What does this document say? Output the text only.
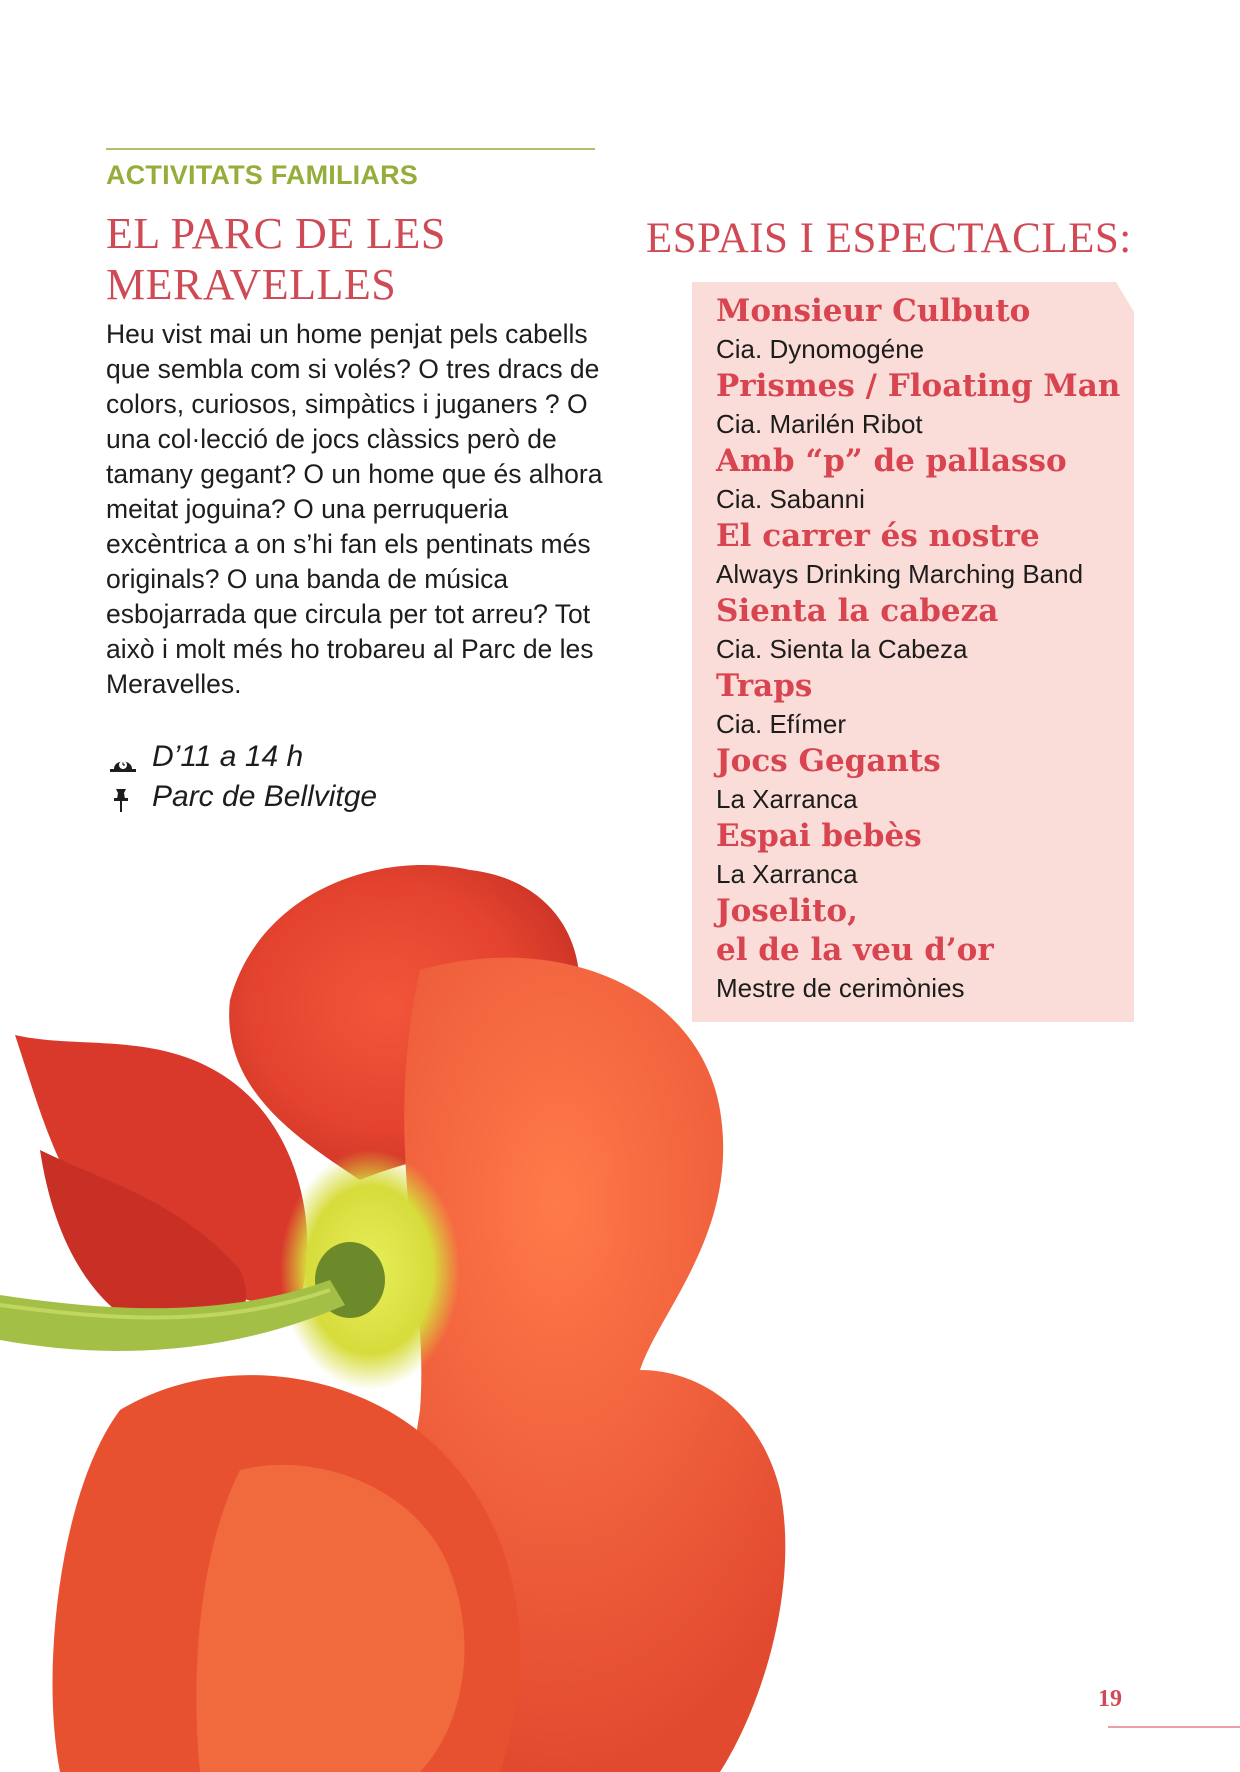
ACTIVITATS FAMILIARS
EL PARC DE LES
MERAVELLES

Heu vist mai un home penjat pels cabells que sembla com si volés? O tres dracs de colors, curiosos, simpàtics i juganers ? O una col·lecció de jocs clàssics però de tamany gegant? O un home que és alhora meitat joguina? O una perruqueria excèntrica a on s’hi fan els pentinats més originals? O una banda de música esbojarrada que circula per tot arreu? Tot això i molt més ho trobareu al Parc de les Meravelles.

D’11 a 14 h
Parc de Bellvitge
ESPAIS I ESPECTACLES:
Monsieur Culbuto
Cia. Dynomogéne
Prismes / Floating Man
Cia. Marilén Ribot
Amb “p” de pallasso
Cia. Sabanni
El carrer és nostre
Always Drinking Marching Band
Sienta la cabeza
Cia. Sienta la Cabeza
Traps
Cia. Efímer
Jocs Gegants
La Xarranca
Espai bebès
La Xarranca
Joselito,
el de la veu d’or
Mestre de cerimònies
19
